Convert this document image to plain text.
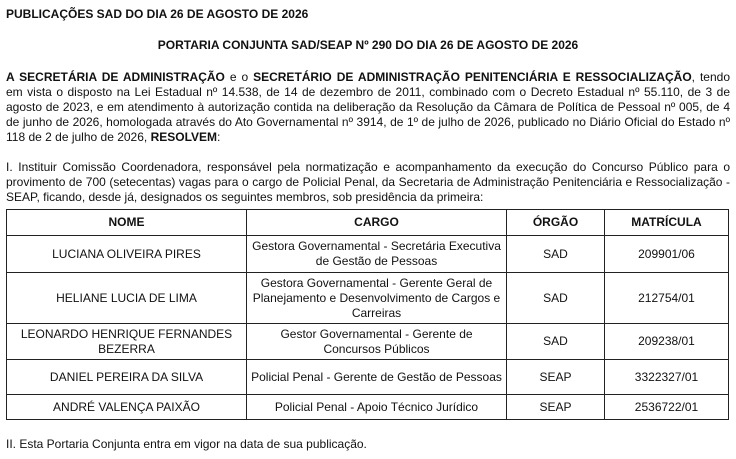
PUBLICAÇÕES SAD DO DIA 26 DE AGOSTO DE 2026
PORTARIA CONJUNTA SAD/SEAP Nº 290 DO DIA 26 DE AGOSTO DE 2026
A SECRETÁRIA DE ADMINISTRAÇÃO e o SECRETÁRIO DE ADMINISTRAÇÃO PENITENCIÁRIA E RESSOCIALIZAÇÃO, tendo em vista o disposto na Lei Estadual nº 14.538, de 14 de dezembro de 2011, combinado com o Decreto Estadual nº 55.110, de 3 de agosto de 2023, e em atendimento à autorização contida na deliberação da Resolução da Câmara de Política de Pessoal nº 005, de 4 de junho de 2026, homologada através do Ato Governamental nº 3914, de 1º de julho de 2026, publicado no Diário Oficial do Estado nº 118 de 2 de julho de 2026, RESOLVEM:
I. Instituir Comissão Coordenadora, responsável pela normatização e acompanhamento da execução do Concurso Público para o provimento de 700 (setecentas) vagas para o cargo de Policial Penal, da Secretaria de Administração Penitenciária e Ressocialização - SEAP, ficando, desde já, designados os seguintes membros, sob presidência da primeira:
NOME	CARGO	ÓRGÃO	MATRÍCULA
LUCIANA OLIVEIRA PIRES	Gestora Governamental - Secretária Executiva de Gestão de Pessoas	SAD	209901/06
HELIANE LUCIA DE LIMA	Gestora Governamental - Gerente Geral de Planejamento e Desenvolvimento de Cargos e Carreiras	SAD	212754/01
LEONARDO HENRIQUE FERNANDES BEZERRA	Gestor Governamental - Gerente de Concursos Públicos	SAD	209238/01
DANIEL PEREIRA DA SILVA	Policial Penal - Gerente de Gestão de Pessoas	SEAP	3322327/01
ANDRÉ VALENÇA PAIXÃO	Policial Penal - Apoio Técnico Jurídico	SEAP	2536722/01
II. Esta Portaria Conjunta entra em vigor na data de sua publicação.
